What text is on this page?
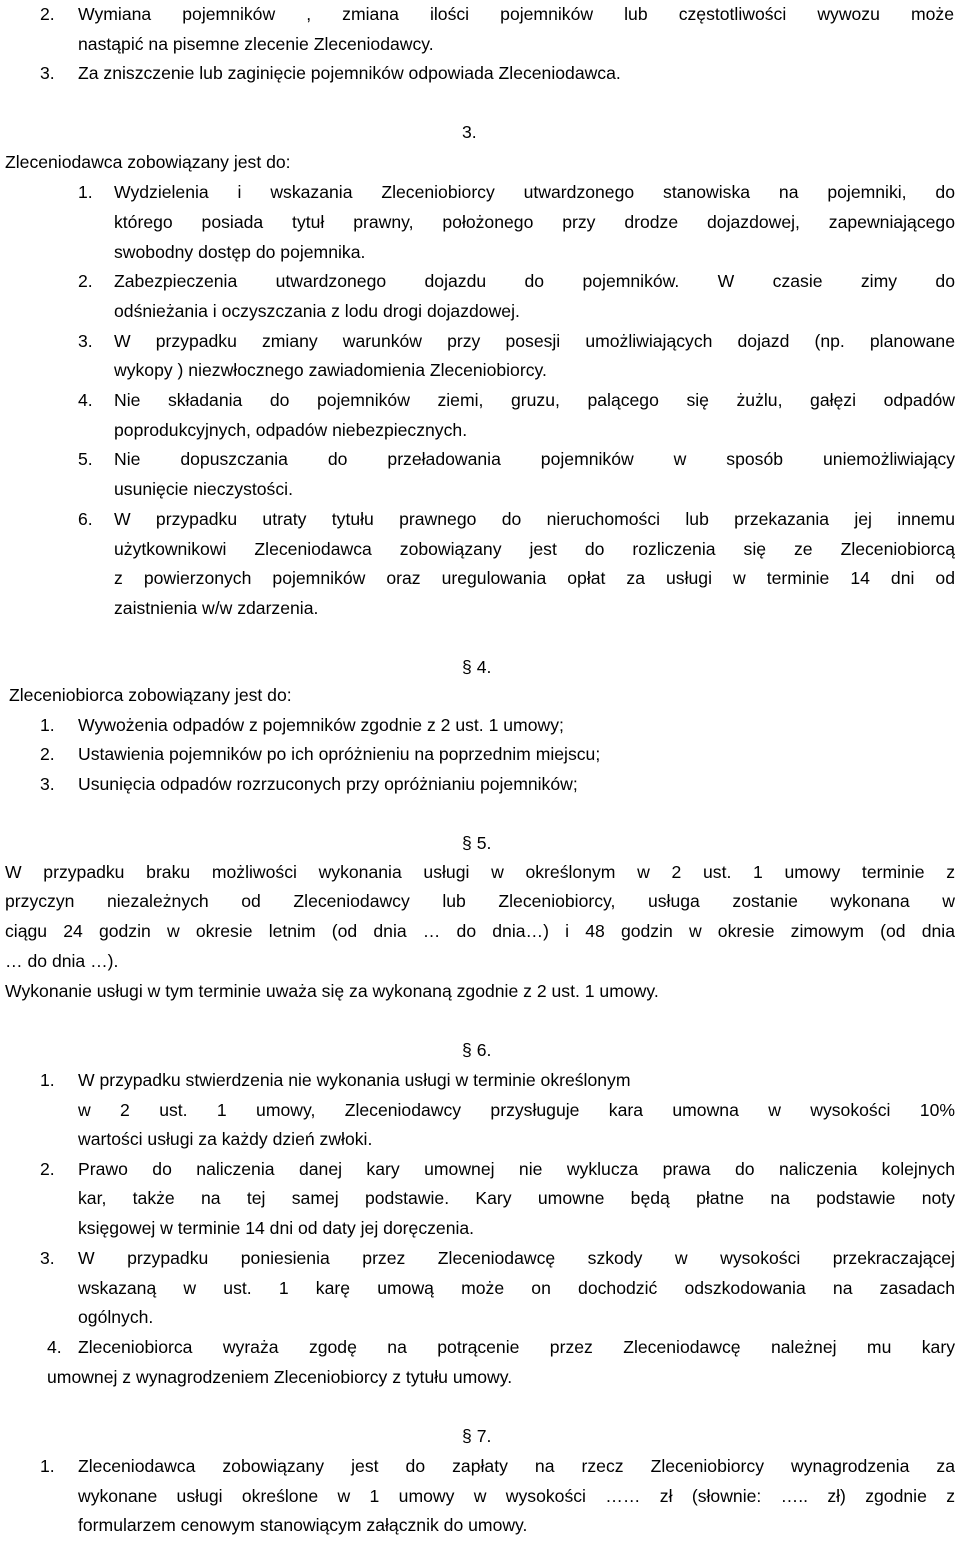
2. Wymiana pojemników , zmiana ilości pojemników lub częstotliwości wywozu może
nastąpić na pisemne zlecenie Zleceniodawcy.
3. Za zniszczenie lub zaginięcie pojemników odpowiada Zleceniodawca.
3.
Zleceniodawca zobowiązany jest do:
1. Wydzielenia i wskazania Zleceniobiorcy utwardzonego stanowiska na pojemniki, do
którego posiada tytuł prawny, położonego przy drodze dojazdowej, zapewniającego
swobodny dostęp do pojemnika.
2. Zabezpieczenia utwardzonego dojazdu do pojemników. W czasie zimy do
odśnieżania i oczyszczania z lodu drogi dojazdowej.
3. W przypadku zmiany warunków przy posesji umożliwiających dojazd (np. planowane
wykopy ) niezwłocznego zawiadomienia Zleceniobiorcy.
4. Nie składania do pojemników ziemi, gruzu, palącego się żużlu, gałęzi odpadów
poprodukcyjnych, odpadów niebezpiecznych.
5. Nie dopuszczania do przeładowania pojemników w sposób uniemożliwiający
usunięcie nieczystości.
6. W przypadku utraty tytułu prawnego do nieruchomości lub przekazania jej innemu
użytkownikowi Zleceniodawca zobowiązany jest do rozliczenia się ze Zleceniobiorcą
z powierzonych pojemników oraz uregulowania opłat za usługi w terminie 14 dni od
zaistnienia w/w zdarzenia.
§ 4.
Zleceniobiorca zobowiązany jest do:
1. Wywożenia odpadów z pojemników zgodnie z 2 ust. 1 umowy;
2. Ustawienia pojemników po ich opróżnieniu na poprzednim miejscu;
3. Usunięcia odpadów rozrzuconych przy opróżnianiu pojemników;
§ 5.
W przypadku braku możliwości wykonania usługi w określonym w 2 ust. 1 umowy terminie z
przyczyn niezależnych od Zleceniodawcy lub Zleceniobiorcy, usługa zostanie wykonana w
ciągu 24 godzin w okresie letnim (od dnia … do dnia…) i 48 godzin w okresie zimowym (od dnia
… do dnia …).
Wykonanie usługi w tym terminie uważa się za wykonaną zgodnie z 2 ust. 1 umowy.
§ 6.
1. W przypadku stwierdzenia nie wykonania usługi w terminie określonym
w 2 ust. 1 umowy, Zleceniodawcy przysługuje kara umowna w wysokości 10%
wartości usługi za każdy dzień zwłoki.
2. Prawo do naliczenia danej kary umownej nie wyklucza prawa do naliczenia kolejnych
kar, także na tej samej podstawie. Kary umowne będą płatne na podstawie noty
księgowej w terminie 14 dni od daty jej doręczenia.
3. W przypadku poniesienia przez Zleceniodawcę szkody w wysokości przekraczającej
wskazaną w ust. 1 karę umową może on dochodzić odszkodowania na zasadach
ogólnych.
4. Zleceniobiorca wyraża zgodę na potrącenie przez Zleceniodawcę należnej mu kary
umownej z wynagrodzeniem Zleceniobiorcy z tytułu umowy.
§ 7.
1. Zleceniodawca zobowiązany jest do zapłaty na rzecz Zleceniobiorcy wynagrodzenia za
wykonane usługi określone w 1 umowy w wysokości …… zł (słownie: ….. zł) zgodnie z
formularzem cenowym stanowiącym załącznik do umowy.
